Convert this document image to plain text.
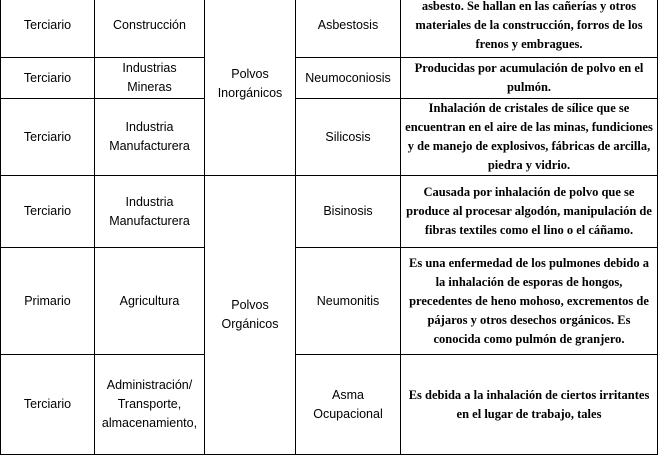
Terciario	Construcción	Polvos Inorgánicos	Asbestosis	asbesto. Se hallan en las cañerías y otros materiales de la construcción, forros de los frenos y embragues.
Terciario	Industrias Mineras		Neumoconiosis	Producidas por acumulación de polvo en el pulmón.
Terciario	Industria Manufacturera		Silicosis	Inhalación de cristales de sílice que se encuentran en el aire de las minas, fundiciones y de manejo de explosivos, fábricas de arcilla, piedra y vidrio.
Terciario	Industria Manufacturera	Polvos Orgánicos	Bisinosis	Causada por inhalación de polvo que se produce al procesar algodón, manipulación de fibras textiles como el lino o el cáñamo.
Primario	Agricultura		Neumonitis	Es una enfermedad de los pulmones debido a la inhalación de esporas de hongos, precedentes de heno mohoso, excrementos de pájaros y otros desechos orgánicos. Es conocida como pulmón de granjero.
Terciario	Administración/ Transporte, almacenamiento,		Asma Ocupacional	Es debida a la inhalación de ciertos irritantes en el lugar de trabajo, tales
